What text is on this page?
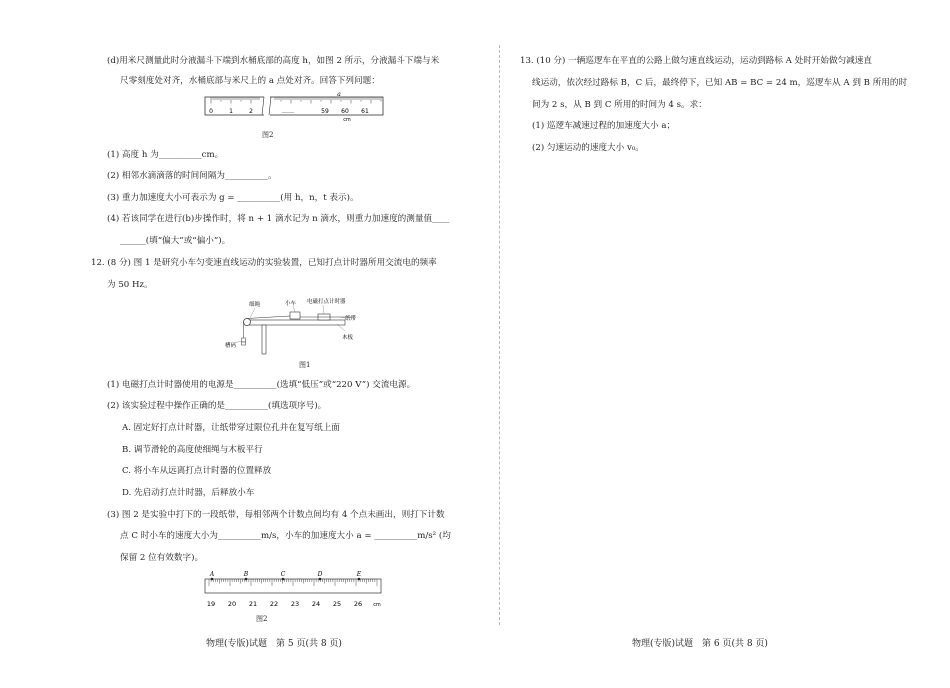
(d)用米尺测量此时分液漏斗下端到水桶底部的高度 h，如图 2 所示，分液漏斗下端与米
尺零刻度处对齐，水桶底部与米尺上的 a 点处对齐。回答下列问题：
0	1	2	……
a
59 60 61
cm
图2
(1) 高度 h 为__________cm。
(2) 相邻水滴滴落的时间间隔为__________。
(3) 重力加速度大小可表示为 g = __________(用 h，n，t 表示)。
(4) 若该同学在进行(b)步操作时，将 n + 1 滴水记为 n 滴水，则重力加速度的测量值____
______(填“偏大”或“偏小”)。
12. (8 分) 图 1 是研究小车匀变速直线运动的实验装置，已知打点计时器所用交流电的频率
为 50 Hz。
细绳	小车 电磁打点计时器
纸带
木板
槽码
图1
(1) 电磁打点计时器使用的电源是__________(选填“低压”或“220 V”) 交流电源。
(2) 该实验过程中操作正确的是__________(填选项序号)。
A. 固定好打点计时器，让纸带穿过限位孔并在复写纸上面
B. 调节滑轮的高度使细绳与木板平行
C. 将小车从远离打点计时器的位置释放
D. 先启动打点计时器，后释放小车
(3) 图 2 是实验中打下的一段纸带，每相邻两个计数点间均有 4 个点未画出，则打下计数
点 C 时小车的速度大小为__________m/s，小车的加速度大小 a = __________m/s² (均
保留 2 位有效数字)。
A	B	C	D	E
19 20 21 22 23 24 25 26 cm
图2
物理(专版)试题　第 5 页(共 8 页)
13. (10 分) 一辆巡逻车在平直的公路上做匀速直线运动，运动到路标 A 处时开始做匀减速直
线运动，依次经过路标 B，C 后，最终停下，已知 AB = BC = 24 m，巡逻车从 A 到 B 所用的时
间为 2 s，从 B 到 C 所用的时间为 4 s。求：
(1) 巡逻车减速过程的加速度大小 a；
(2) 匀速运动的速度大小 v₀。
物理(专版)试题　第 6 页(共 8 页)
